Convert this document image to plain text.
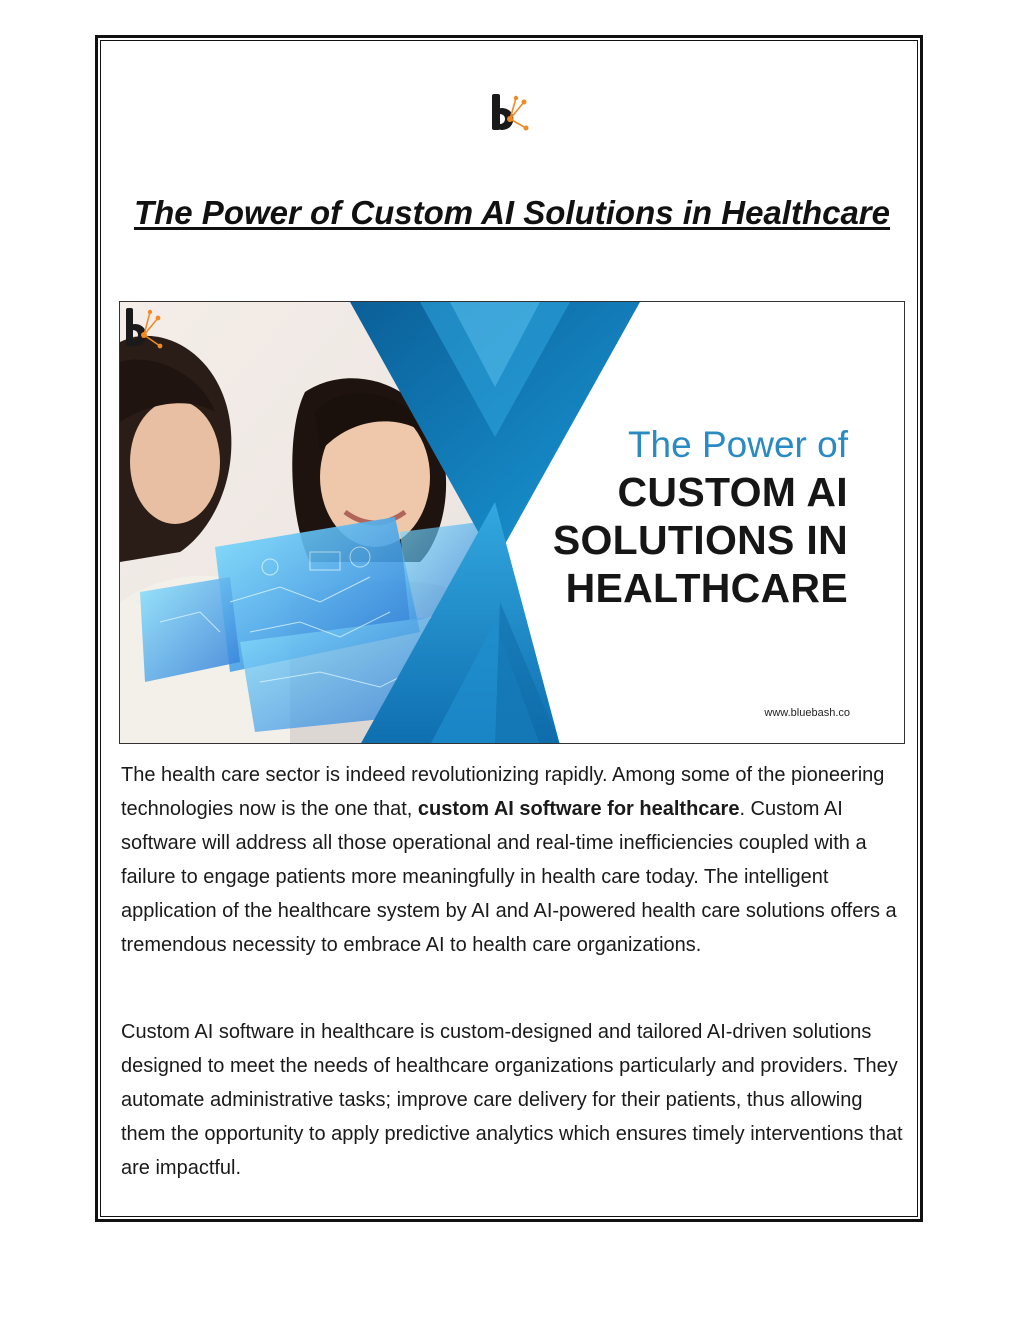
The Power of Custom AI Solutions in Healthcare
The Power of
CUSTOM AI
SOLUTIONS IN
HEALTHCARE
www.bluebash.co

The health care sector is indeed revolutionizing rapidly. Among some of the pioneering technologies now is the one that, custom AI software for healthcare. Custom AI software will address all those operational and real-time inefficiencies coupled with a failure to engage patients more meaningfully in health care today. The intelligent application of the healthcare system by AI and AI-powered health care solutions offers a tremendous necessity to embrace AI to health care organizations.

Custom AI software in healthcare is custom-designed and tailored AI-driven solutions designed to meet the needs of healthcare organizations particularly and providers. They automate administrative tasks; improve care delivery for their patients, thus allowing them the opportunity to apply predictive analytics which ensures timely interventions that are impactful.
